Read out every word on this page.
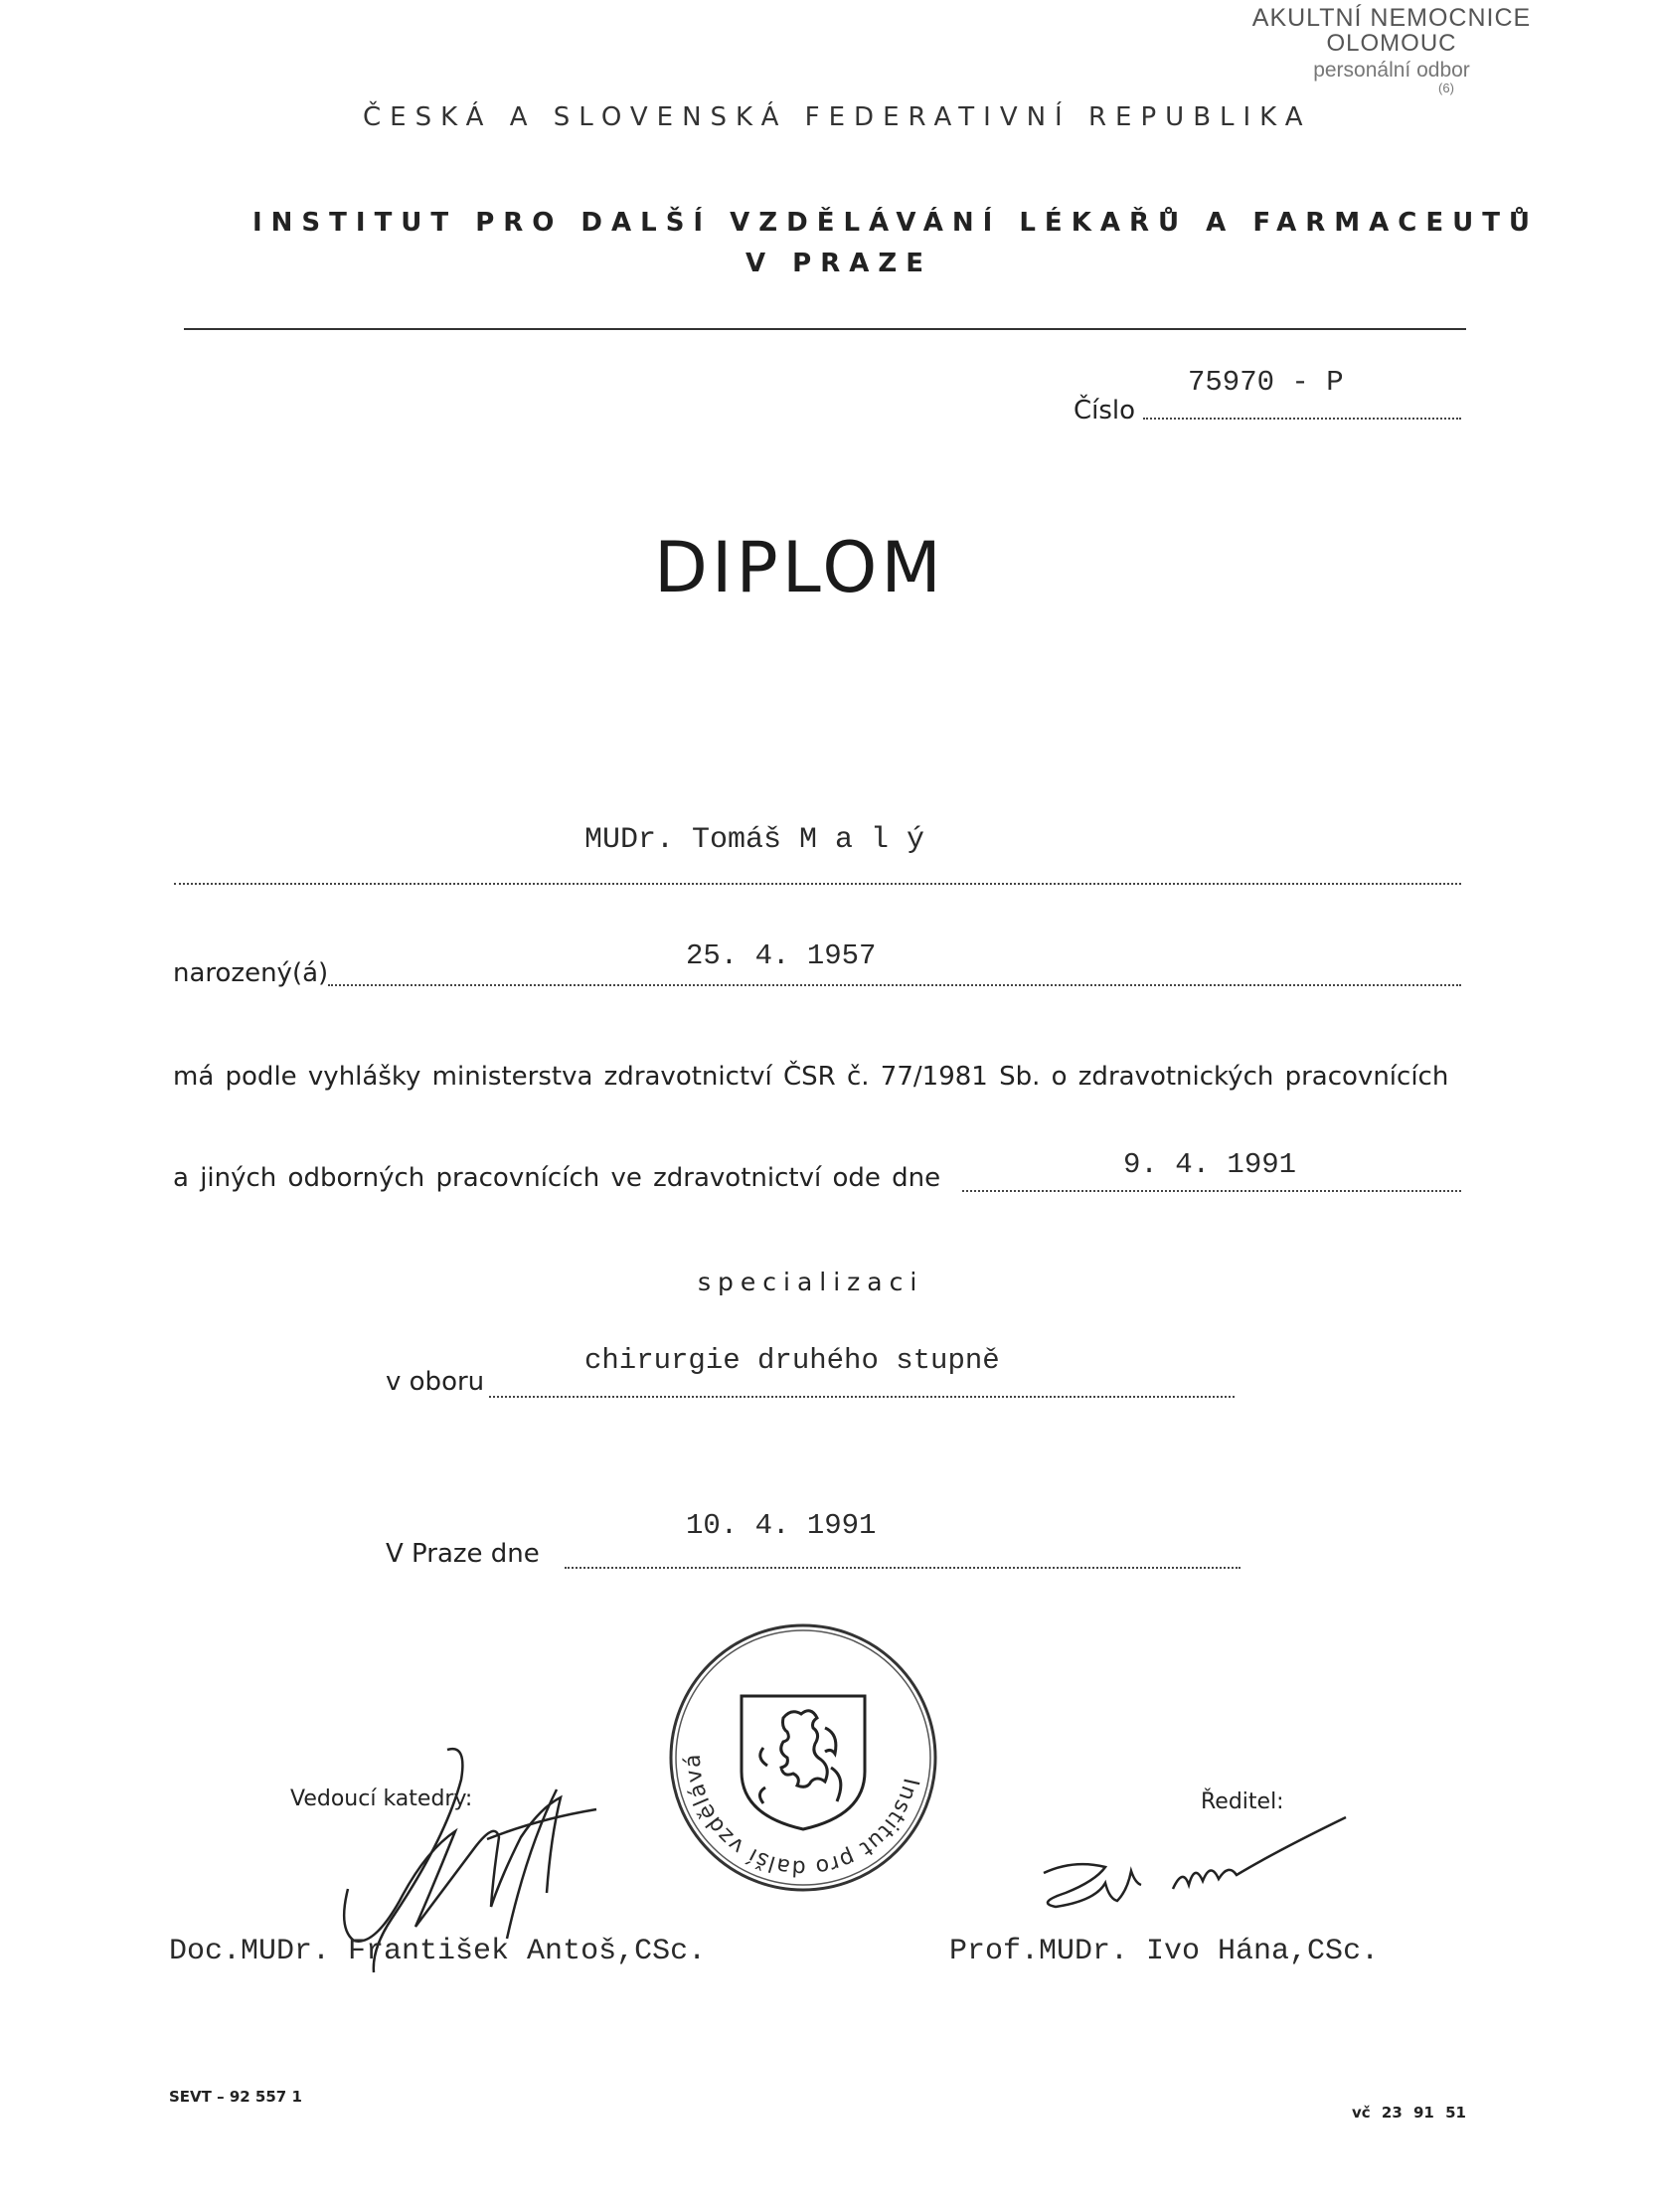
AKULTNÍ NEMOCNICE
OLOMOUC
personální odbor
(6)
ČESKÁ A SLOVENSKÁ FEDERATIVNÍ REPUBLIKA
INSTITUT PRO DALŠÍ VZDĚLÁVÁNÍ LÉKAŘŮ A FARMACEUTŮ
V PRAZE
Číslo
75970 - P
DIPLOM
MUDr. Tomáš M a l ý
narozený(á)
25. 4. 1957
má podle vyhlášky ministerstva zdravotnictví ČSR č. 77/1981 Sb. o zdravotnických pracovnících
a jiných odborných pracovnících ve zdravotnictví ode dne	9. 4. 1991
specializaci
v oboru
chirurgie druhého stupně
V Praze dne
10. 4. 1991
Institut pro další vzdělávání lékařů a farmaceutů v Praze - * -
Vedoucí katedry:	Ředitel:
Doc.MUDr. František Antoš,CSc.	Prof.MUDr. Ivo Hána,CSc.
SEVT – 92 557 1
vč 23 91 51
